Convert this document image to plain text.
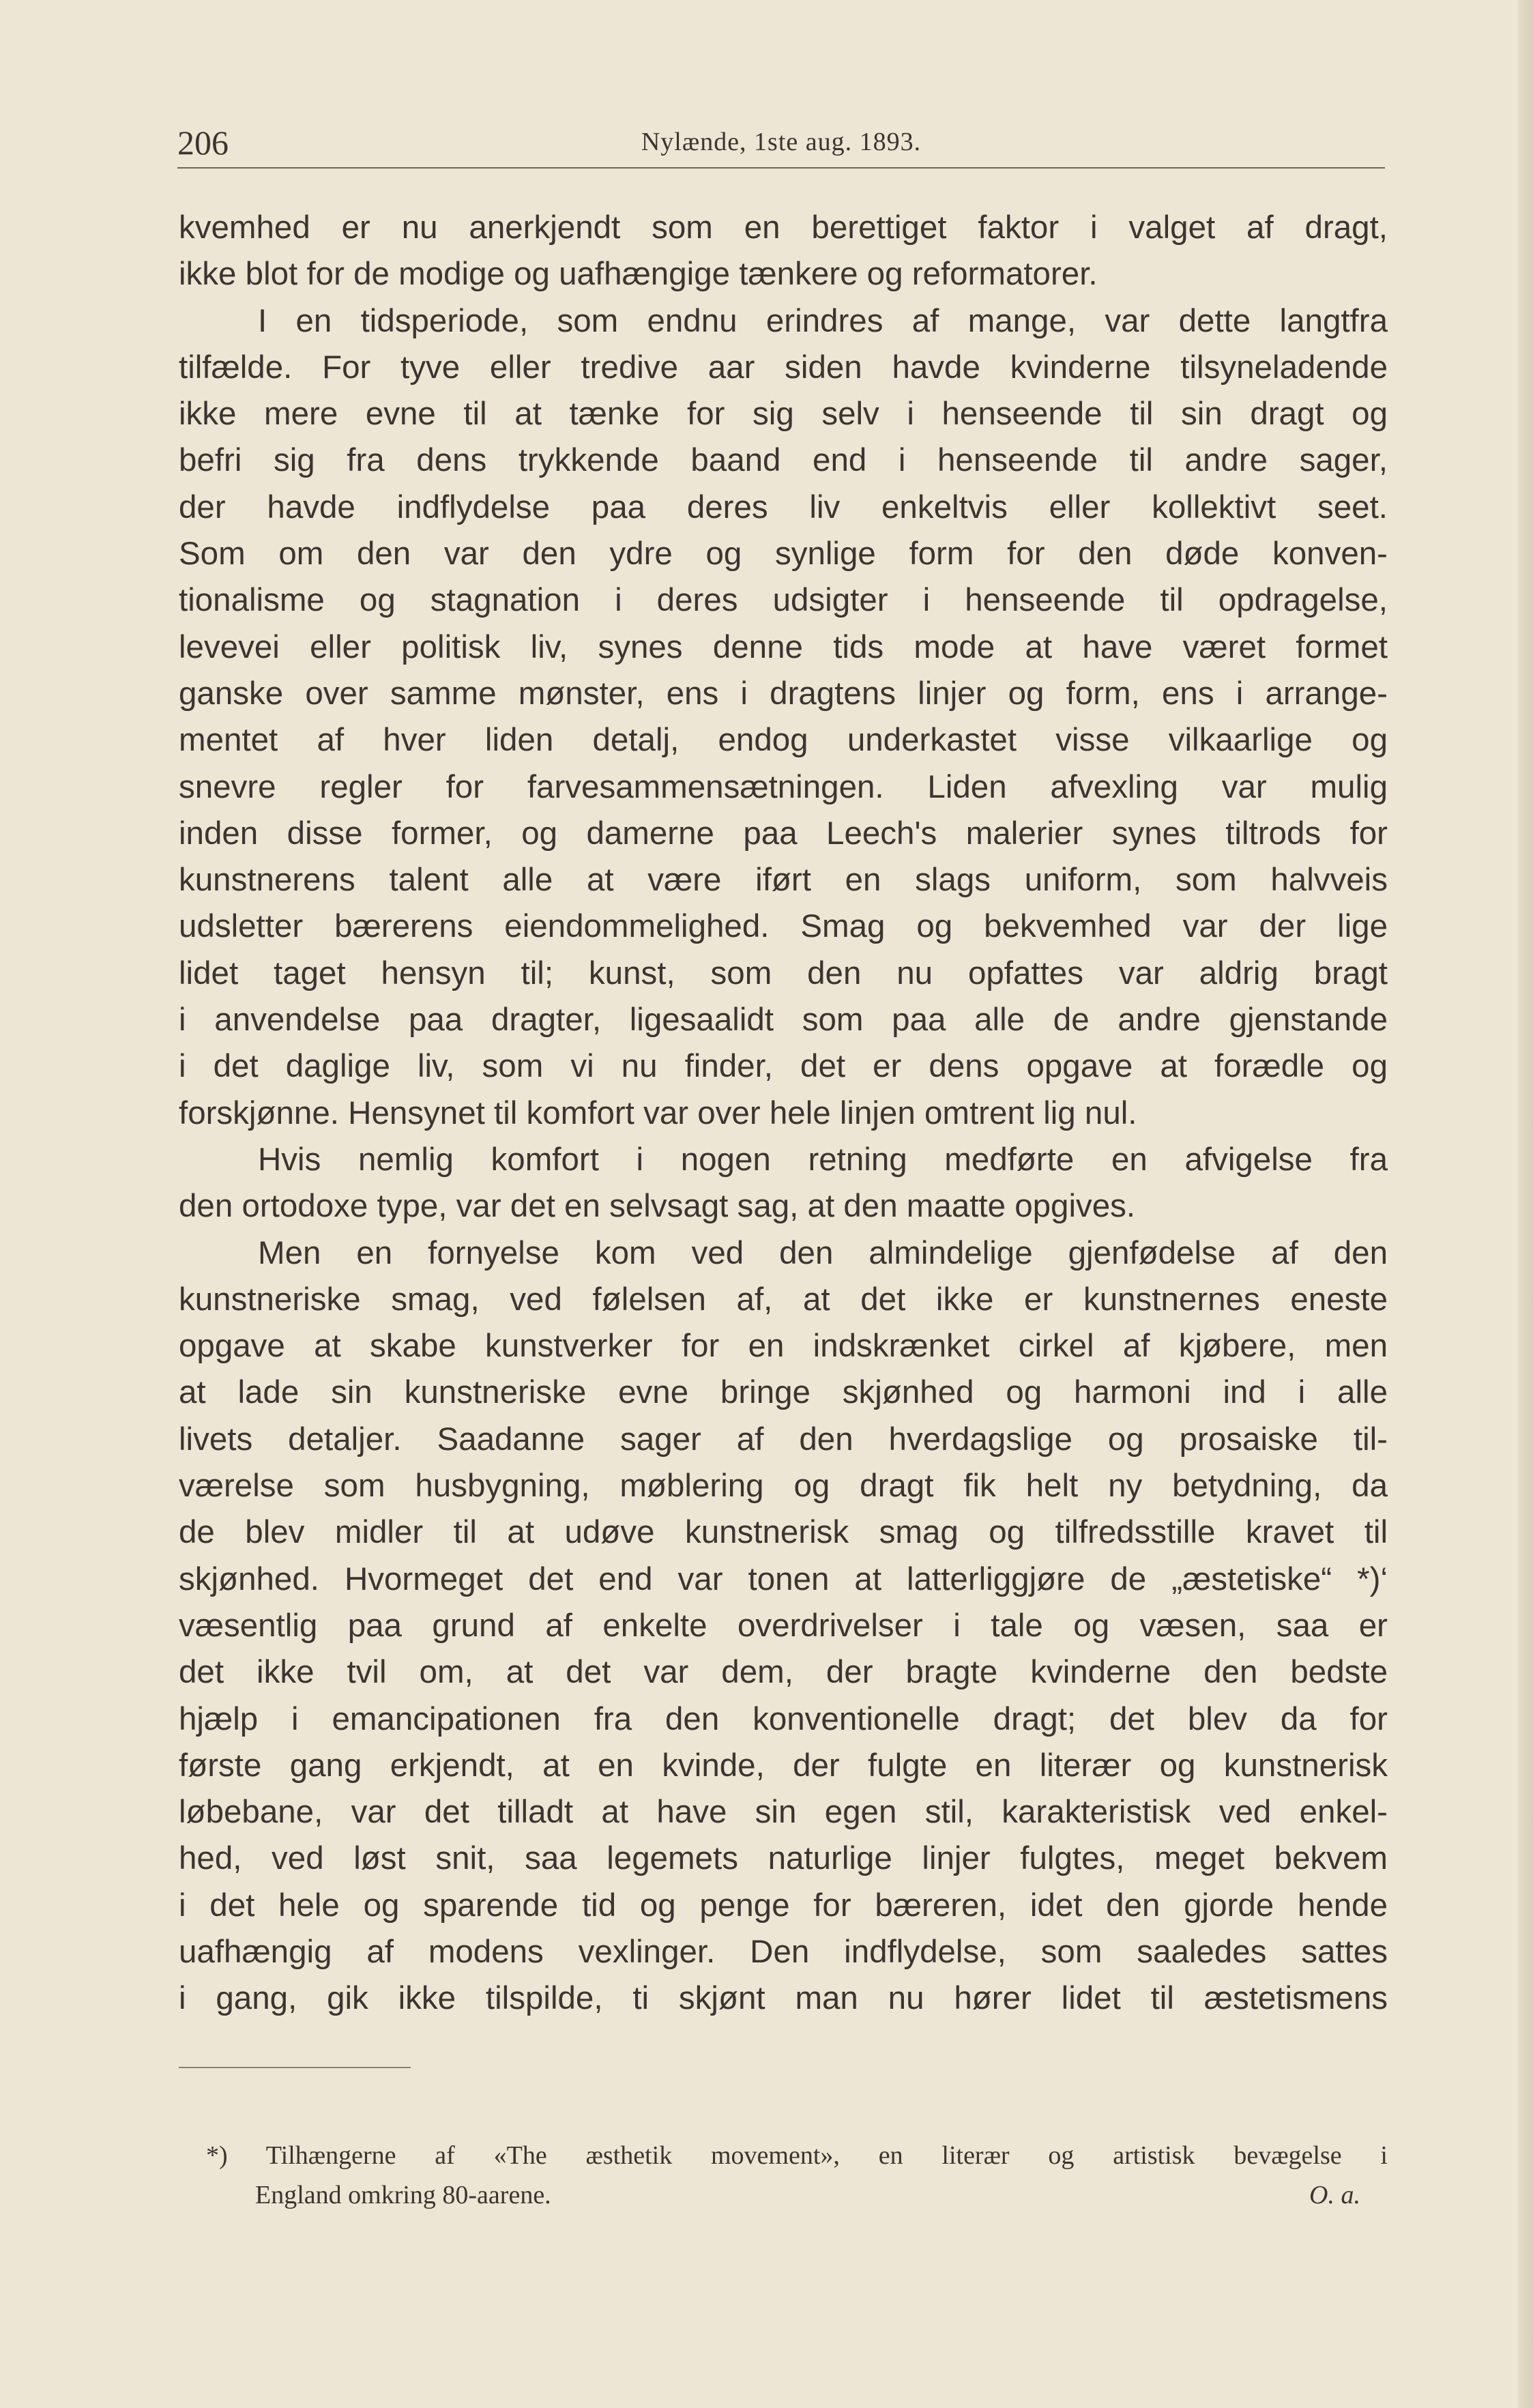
206	Nylænde, 1ste aug. 1893.
kvemhed er nu anerkjendt som en berettiget faktor i valget af dragt,
ikke blot for de modige og uafhængige tænkere og reformatorer.
I en tidsperiode, som endnu erindres af mange, var dette langtfra
tilfælde. For tyve eller tredive aar siden havde kvinderne tilsyneladende
ikke mere evne til at tænke for sig selv i henseende til sin dragt og
befri sig fra dens trykkende baand end i henseende til andre sager,
der havde indflydelse paa deres liv enkeltvis eller kollektivt seet.
Som om den var den ydre og synlige form for den døde konven-
tionalisme og stagnation i deres udsigter i henseende til opdragelse,
levevei eller politisk liv, synes denne tids mode at have været formet
ganske over samme mønster, ens i dragtens linjer og form, ens i arrange-
mentet af hver liden detalj, endog underkastet visse vilkaarlige og
snevre regler for farvesammensætningen. Liden afvexling var mulig
inden disse former, og damerne paa Leech's malerier synes tiltrods for
kunstnerens talent alle at være iført en slags uniform, som halvveis
udsletter bærerens eiendommelighed. Smag og bekvemhed var der lige
lidet taget hensyn til; kunst, som den nu opfattes var aldrig bragt
i anvendelse paa dragter, ligesaalidt som paa alle de andre gjenstande
i det daglige liv, som vi nu finder, det er dens opgave at forædle og
forskjønne. Hensynet til komfort var over hele linjen omtrent lig nul.
Hvis nemlig komfort i nogen retning medførte en afvigelse fra
den ortodoxe type, var det en selvsagt sag, at den maatte opgives.
Men en fornyelse kom ved den almindelige gjenfødelse af den
kunstneriske smag, ved følelsen af, at det ikke er kunstnernes eneste
opgave at skabe kunstverker for en indskrænket cirkel af kjøbere, men
at lade sin kunstneriske evne bringe skjønhed og harmoni ind i alle
livets detaljer. Saadanne sager af den hverdagslige og prosaiske til-
værelse som husbygning, møblering og dragt fik helt ny betydning, da
de blev midler til at udøve kunstnerisk smag og tilfredsstille kravet til
skjønhed. Hvormeget det end var tonen at latterliggjøre de „æstetiske“ *)‘
væsentlig paa grund af enkelte overdrivelser i tale og væsen, saa er
det ikke tvil om, at det var dem, der bragte kvinderne den bedste
hjælp i emancipationen fra den konventionelle dragt; det blev da for
første gang erkjendt, at en kvinde, der fulgte en literær og kunstnerisk
løbebane, var det tilladt at have sin egen stil, karakteristisk ved enkel-
hed, ved løst snit, saa legemets naturlige linjer fulgtes, meget bekvem
i det hele og sparende tid og penge for bæreren, idet den gjorde hende
uafhængig af modens vexlinger. Den indflydelse, som saaledes sattes
i gang, gik ikke tilspilde, ti skjønt man nu hører lidet til æstetismens
*) Tilhængerne af «The æsthetik movement», en literær og artistisk bevægelse i
England omkring 80-aarene.	O. a.
